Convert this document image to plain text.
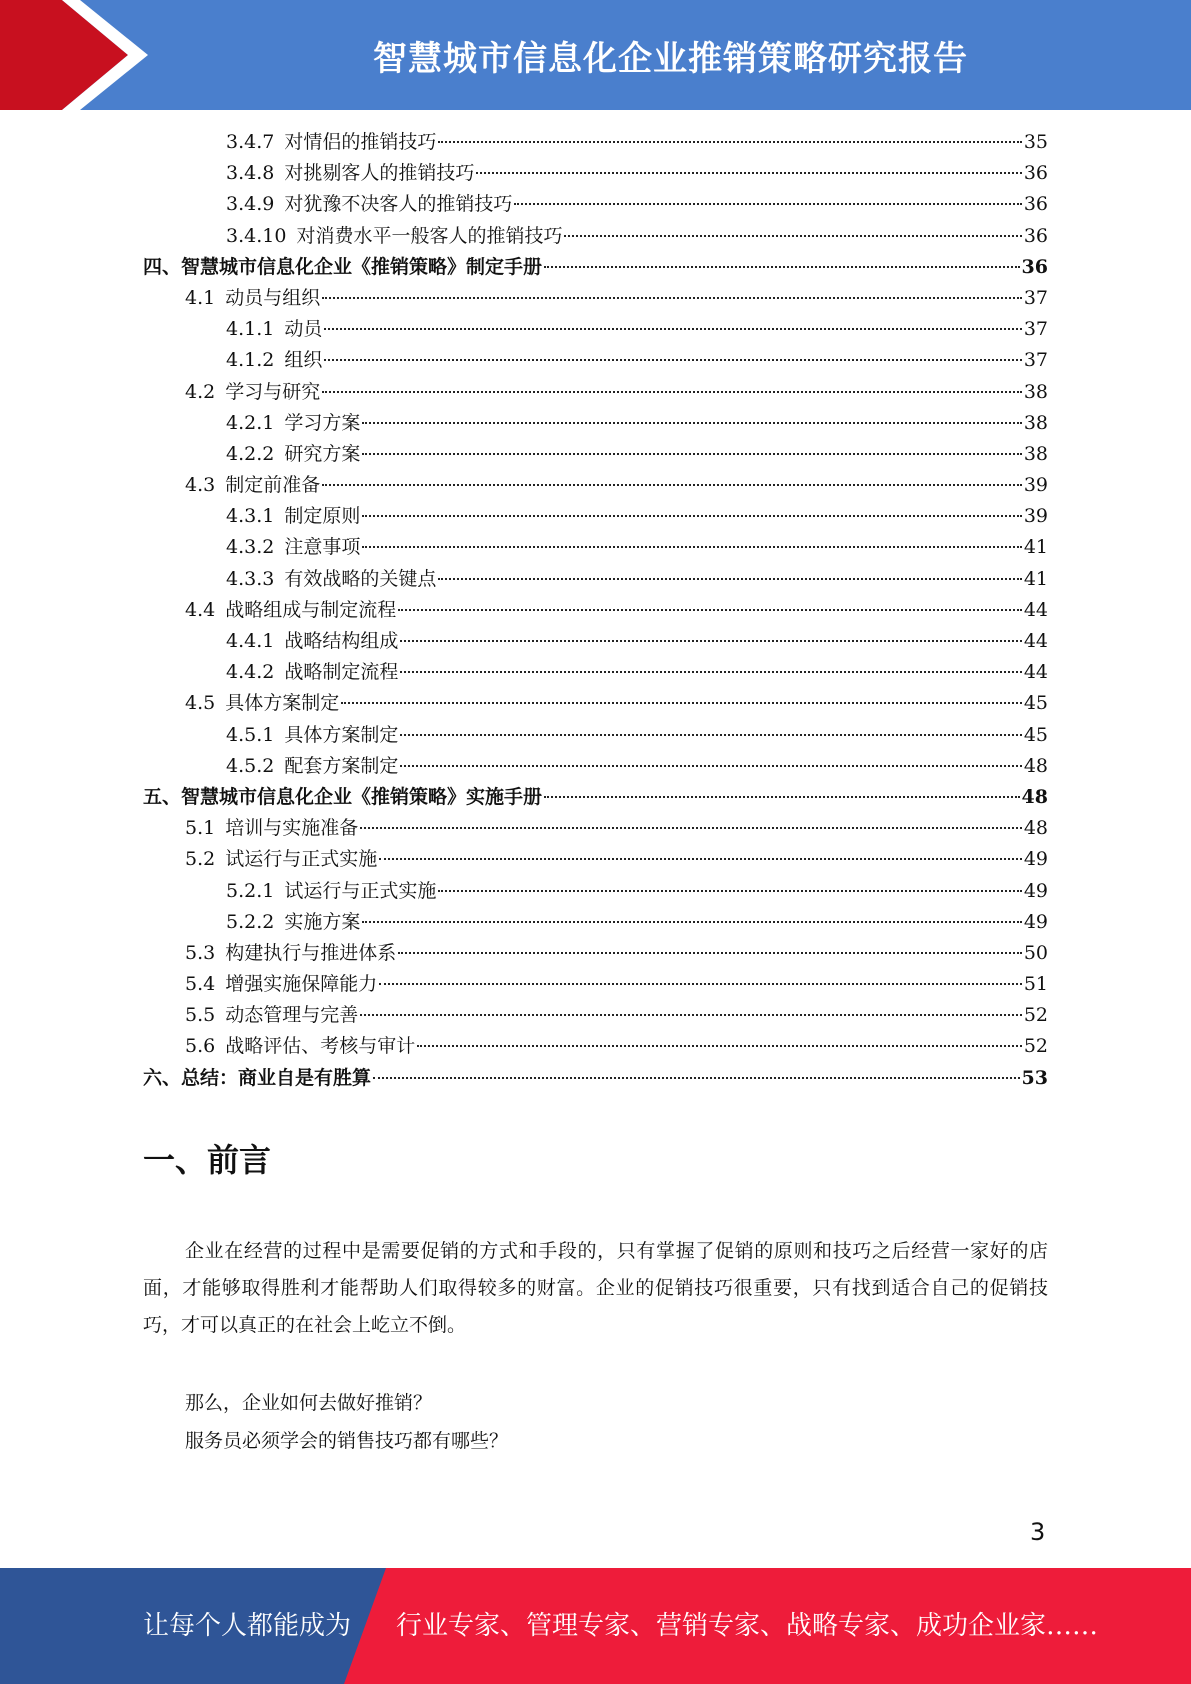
智慧城市信息化企业推销策略研究报告
3.4.7 对情侣的推销技巧	35
3.4.8 对挑剔客人的推销技巧	36
3.4.9 对犹豫不决客人的推销技巧	36
3.4.10 对消费水平一般客人的推销技巧	36
四、智慧城市信息化企业《推销策略》制定手册	36
4.1 动员与组织	37
4.1.1 动员	37
4.1.2 组织	37
4.2 学习与研究	38
4.2.1 学习方案	38
4.2.2 研究方案	38
4.3 制定前准备	39
4.3.1 制定原则	39
4.3.2 注意事项	41
4.3.3 有效战略的关键点	41
4.4 战略组成与制定流程	44
4.4.1 战略结构组成	44
4.4.2 战略制定流程	44
4.5 具体方案制定	45
4.5.1 具体方案制定	45
4.5.2 配套方案制定	48
五、智慧城市信息化企业《推销策略》实施手册	48
5.1 培训与实施准备	48
5.2 试运行与正式实施	49
5.2.1 试运行与正式实施	49
5.2.2 实施方案	49
5.3 构建执行与推进体系	50
5.4 增强实施保障能力	51
5.5 动态管理与完善	52
5.6 战略评估、考核与审计	52
六、总结：商业自是有胜算	53
一、前言

企业在经营的过程中是需要促销的方式和手段的，只有掌握了促销的原则和技巧之后经营一家好的店面，才能够取得胜利才能帮助人们取得较多的财富。企业的促销技巧很重要，只有找到适合自己的促销技巧，才可以真正的在社会上屹立不倒。

那么，企业如何去做好推销？

服务员必须学会的销售技巧都有哪些？

3
让每个人都能成为 行业专家、管理专家、营销专家、战略专家、成功企业家……
